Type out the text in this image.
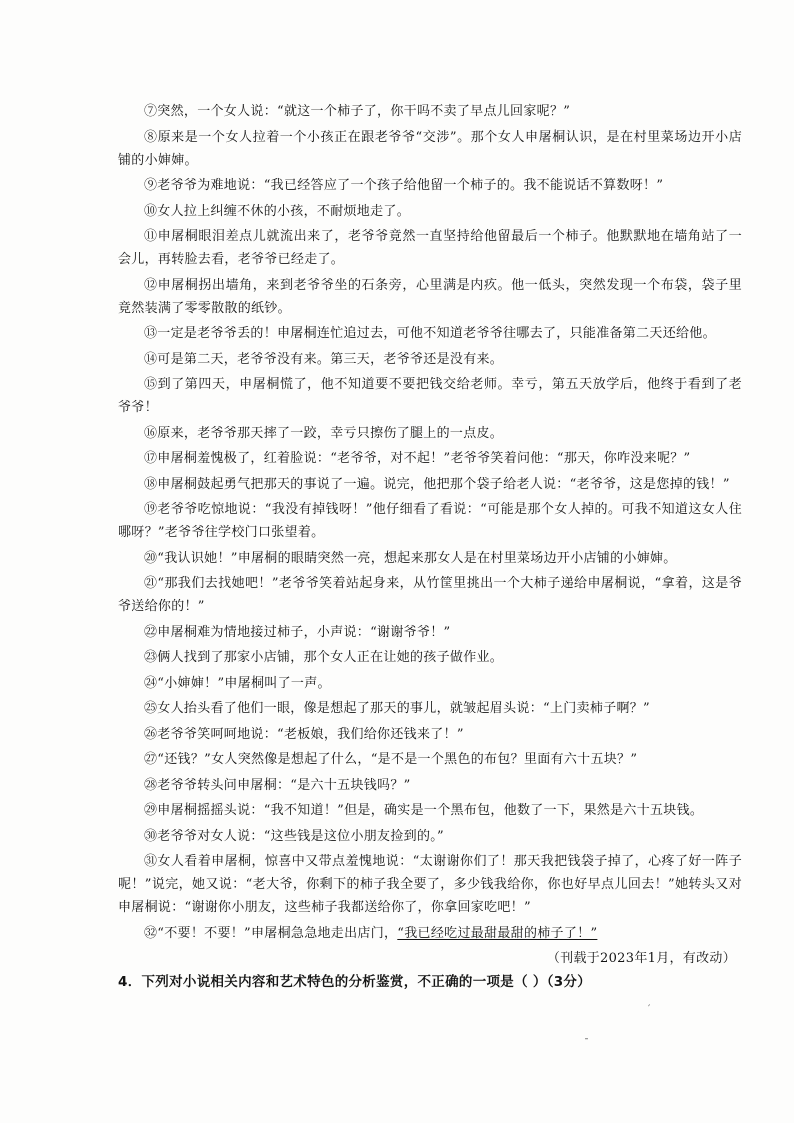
⑦突然，一个女人说：“就这一个柿子了，你干吗不卖了早点儿回家呢？”

⑧原来是一个女人拉着一个小孩正在跟老爷爷“交涉”。那个女人申屠桐认识，是在村里菜场边开小店铺的小婶婶。

⑨老爷爷为难地说：“我已经答应了一个孩子给他留一个柿子的。我不能说话不算数呀！”

⑩女人拉上纠缠不休的小孩，不耐烦地走了。

⑪申屠桐眼泪差点儿就流出来了，老爷爷竟然一直坚持给他留最后一个柿子。他默默地在墙角站了一会儿，再转脸去看，老爷爷已经走了。

⑫申屠桐拐出墙角，来到老爷爷坐的石条旁，心里满是内疚。他一低头，突然发现一个布袋，袋子里竟然装满了零零散散的纸钞。

⑬一定是老爷爷丢的！申屠桐连忙追过去，可他不知道老爷爷往哪去了，只能准备第二天还给他。

⑭可是第二天，老爷爷没有来。第三天，老爷爷还是没有来。

⑮到了第四天，申屠桐慌了，他不知道要不要把钱交给老师。幸亏，第五天放学后，他终于看到了老爷爷！

⑯原来，老爷爷那天摔了一跤，幸亏只擦伤了腿上的一点皮。

⑰申屠桐羞愧极了，红着脸说：“老爷爷，对不起！”老爷爷笑着问他：“那天，你咋没来呢？”

⑱申屠桐鼓起勇气把那天的事说了一遍。说完，他把那个袋子给老人说：“老爷爷，这是您掉的钱！”

⑲老爷爷吃惊地说：“我没有掉钱呀！”他仔细看了看说：“可能是那个女人掉的。可我不知道这女人住哪呀？”老爷爷往学校门口张望着。

⑳“我认识她！”申屠桐的眼睛突然一亮，想起来那女人是在村里菜场边开小店铺的小婶婶。

㉑“那我们去找她吧！”老爷爷笑着站起身来，从竹筐里挑出一个大柿子递给申屠桐说，“拿着，这是爷爷送给你的！”

㉒申屠桐难为情地接过柿子，小声说：“谢谢爷爷！”

㉓俩人找到了那家小店铺，那个女人正在让她的孩子做作业。

㉔“小婶婶！”申屠桐叫了一声。

㉕女人抬头看了他们一眼，像是想起了那天的事儿，就皱起眉头说：“上门卖柿子啊？”

㉖老爷爷笑呵呵地说：“老板娘，我们给你还钱来了！”

㉗“还钱？”女人突然像是想起了什么，“是不是一个黑色的布包？里面有六十五块？”

㉘老爷爷转头问申屠桐：“是六十五块钱吗？”

㉙申屠桐摇摇头说：“我不知道！”但是，确实是一个黑布包，他数了一下，果然是六十五块钱。

㉚老爷爷对女人说：“这些钱是这位小朋友捡到的。”

㉛女人看着申屠桐，惊喜中又带点羞愧地说：“太谢谢你们了！那天我把钱袋子掉了，心疼了好一阵子呢！”说完，她又说：“老大爷，你剩下的柿子我全要了，多少钱我给你，你也好早点儿回去！”她转头又对申屠桐说：“谢谢你小朋友，这些柿子我都送给你了，你拿回家吃吧！”

㉜“不要！不要！”申屠桐急急地走出店门，“我已经吃过最甜最甜的柿子了！”

（刊载于2023年1月，有改动）

4．下列对小说相关内容和艺术特色的分析鉴赏，不正确的一项是（ ）（3分）

′
ˉ
